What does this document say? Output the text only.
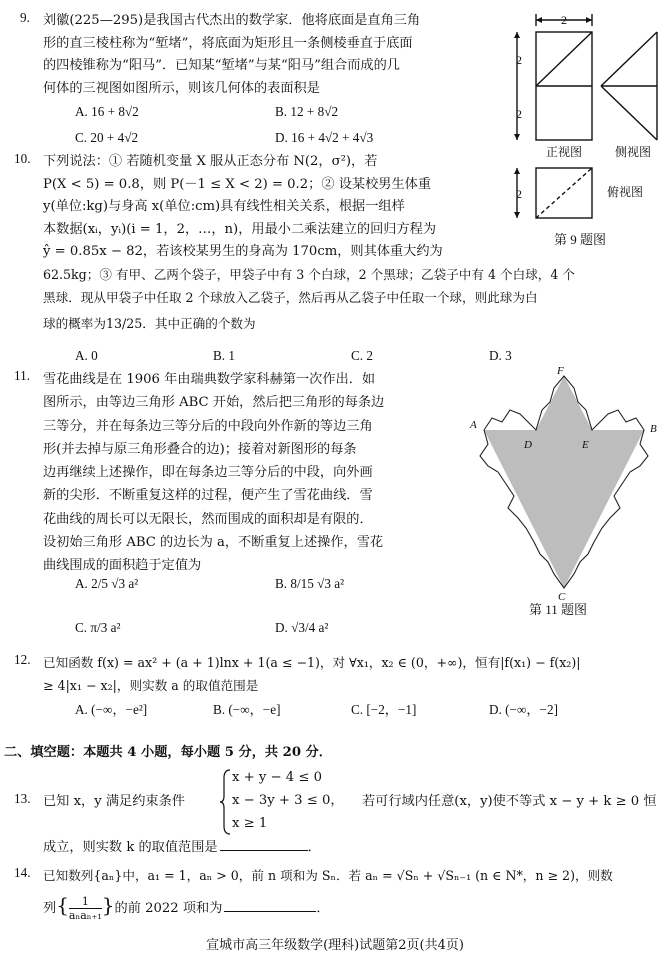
9. 刘徽(225—295)是我国古代杰出的数学家．他将底面是直角三角
形的直三棱柱称为“堑堵”，将底面为矩形且一条侧棱垂直于底面
的四棱锥称为“阳马”．已知某“堑堵”与某“阳马”组合而成的几
何体的三视图如图所示，则该几何体的表面积是
A. 16 + 8√2	B. 12 + 8√2
C. 20 + 4√2	D. 16 + 4√2 + 4√3
2
2
2
2
正视图	侧视图
俯视图
第 9 题图
10. 下列说法：① 若随机变量 X 服从正态分布 N(2，σ²)，若
P(X < 5) = 0.8，则 P(－1 ≤ X < 2) = 0.2；② 设某校男生体重
y(单位:kg)与身高 x(单位:cm)具有线性相关关系，根据一组样
本数据(xᵢ，yᵢ)(i = 1，2，…，n)，用最小二乘法建立的回归方程为
ŷ = 0.85x − 82，若该校某男生的身高为 170cm，则其体重大约为
62.5kg；③ 有甲、乙两个袋子，甲袋子中有 3 个白球，2 个黑球；乙袋子中有 4 个白球，4 个
黑球．现从甲袋子中任取 2 个球放入乙袋子，然后再从乙袋子中任取一个球，则此球为白
球的概率为13/25．其中正确的个数为
A. 0	B. 1	C. 2	D. 3
11. 雪花曲线是在 1906 年由瑞典数学家科赫第一次作出．如
图所示，由等边三角形 ABC 开始，然后把三角形的每条边
三等分，并在每条边三等分后的中段向外作新的等边三角
形(并去掉与原三角形叠合的边)；接着对新图形的每条
边再继续上述操作，即在每条边三等分后的中段，向外画
新的尖形．不断重复这样的过程，便产生了雪花曲线．雪
花曲线的周长可以无限长，然而围成的面积却是有限的．
设初始三角形 ABC 的边长为 a，不断重复上述操作，雪花
曲线围成的面积趋于定值为
A. 2/5 √3 a²	B. 8/15 √3 a²
C. π/3 a²	D. √3/4 a²
F
A	B
D	E
C
第 11 题图
12. 已知函数 f(x) = ax² + (a + 1)lnx + 1(a ≤ −1)，对 ∀x₁，x₂ ∈ (0，+∞)，恒有|f(x₁) − f(x₂)|
≥ 4|x₁ − x₂|，则实数 a 的取值范围是
A. (−∞，−e²]	B. (−∞，−e]	C. [−2，−1]	D. (−∞，−2]
二、填空题：本题共 4 小题，每小题 5 分，共 20 分．
13. 已知 x，y 满足约束条件
x + y − 4 ≤ 0
x − 3y + 3 ≤ 0，
x ≥ 1
若可行域内任意(x，y)使不等式 x − y + k ≥ 0 恒
成立，则实数 k 的取值范围是	．
14. 已知数列{aₙ}中，a₁ = 1，aₙ > 0，前 n 项和为 Sₙ．若 aₙ = √Sₙ + √Sₙ₋₁ (n ∈ N*，n ≥ 2)，则数
列{	1
aₙaₙ₊₁ }的前 2022 项和为	．
宣城市高三年级数学(理科)试题第2页(共4页)
